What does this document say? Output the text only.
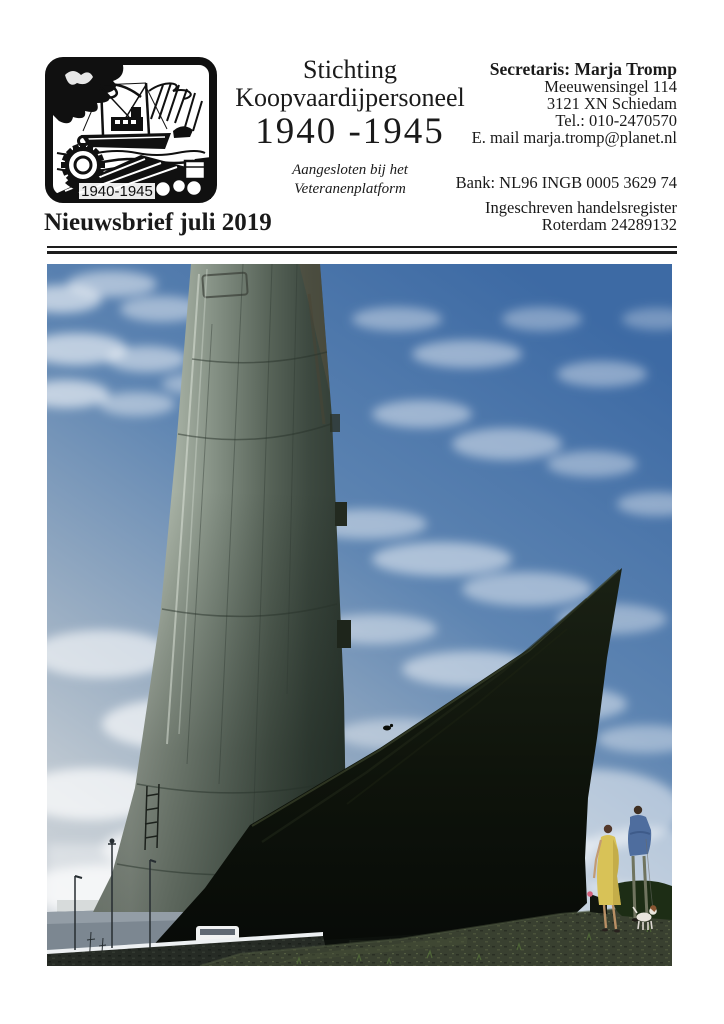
1940-1945
Stichting
Koopvaardijpersoneel
1940 -1945
Aangesloten bij het
Veteranenplatform
Secretaris: Marja Tromp
Meeuwensingel 114
3121 XN Schiedam
Tel.: 010-2470570
E. mail marja.tromp@planet.nl
Bank: NL96 INGB 0005 3629 74
Ingeschreven handelsregister
Roterdam 24289132
Nieuwsbrief juli 2019
